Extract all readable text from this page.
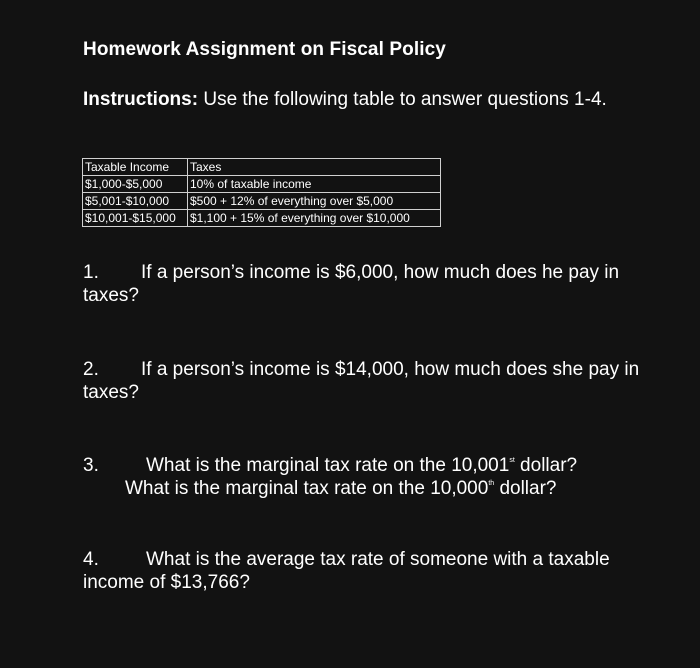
Homework Assignment on Fiscal Policy
Instructions: Use the following table to answer questions 1-4.
Taxable Income	Taxes
$1,000-$5,000	10% of taxable income
$5,001-$10,000	$500 + 12% of everything over $5,000
$10,001-$15,000	$1,100 + 15% of everything over $10,000
1. If a person’s income is $6,000, how much does he pay in taxes?
2. If a person’s income is $14,000, how much does she pay in taxes?
3. What is the marginal tax rate on the 10,001st dollar?
What is the marginal tax rate on the 10,000th dollar?
4. What is the average tax rate of someone with a taxable income of $13,766?
